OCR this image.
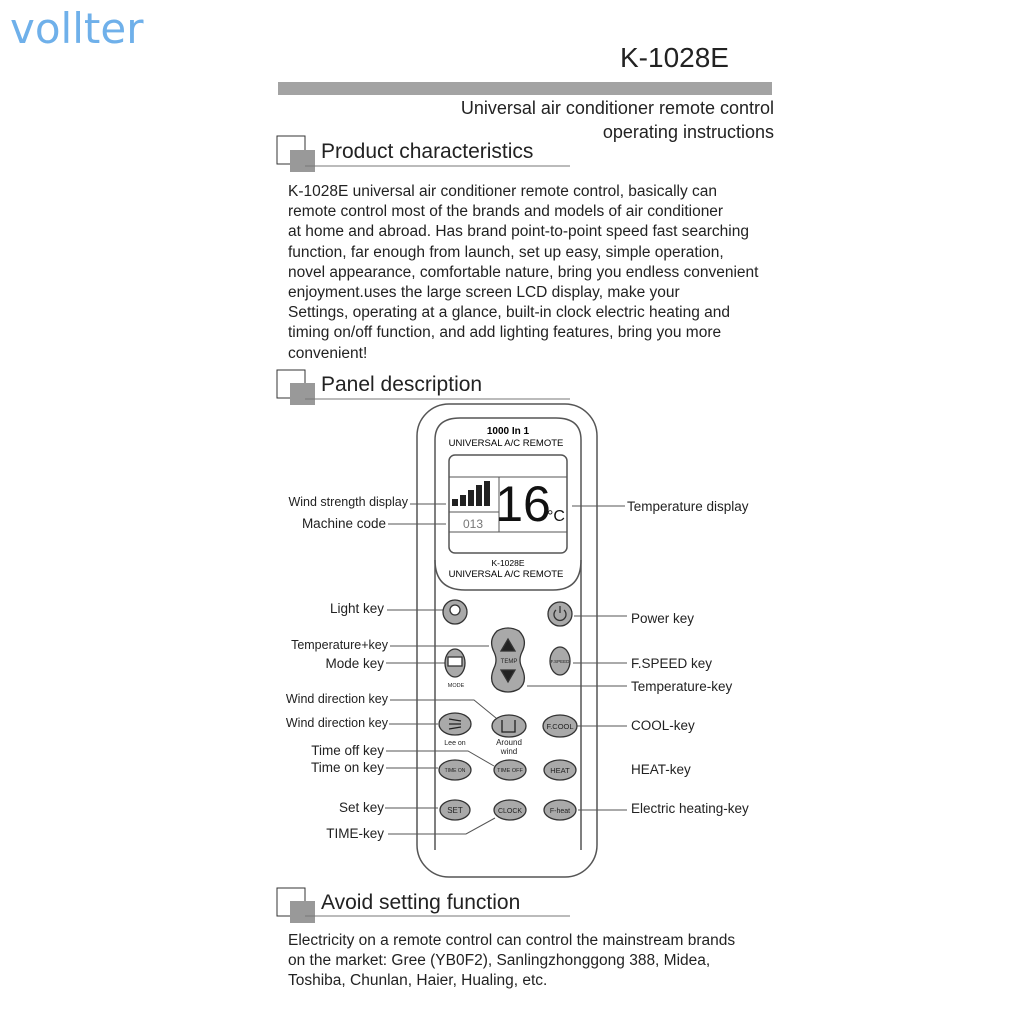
vollter
K-1028E
Universal air conditioner remote control
operating instructions
16
°C
013
1000 In 1
UNIVERSAL A/C REMOTE
K-1028E
UNIVERSAL A/C REMOTE
TEMP
MODE
F.SPEED
Lee on	Around
wind
F.COOL
TIME ON	TIME OFF	HEAT
SET	CLOCK	F-heat
Product characteristics
K-1028E universal air conditioner remote control, basically can
remote control most of the brands and models of air conditioner
at home and abroad. Has brand point-to-point speed fast searching
function, far enough from launch, set up easy, simple operation,
novel appearance, comfortable nature, bring you endless convenient
enjoyment.uses the large screen LCD display, make your
Settings, operating at a glance, built-in clock electric heating and
timing on/off function, and add lighting features, bring you more
convenient!
Panel description
Wind strength display
Machine code
Light key
Temperature+key
Mode key
Wind direction key
Wind direction key
Time off key
Time on key
Set key
TIME-key
Temperature display
Power key
F.SPEED key
Temperature-key
COOL-key
HEAT-key
Electric heating-key
Avoid setting function
Electricity on a remote control can control the mainstream brands
on the market: Gree (YB0F2), Sanlingzhonggong 388, Midea,
Toshiba, Chunlan, Haier, Hualing, etc.
